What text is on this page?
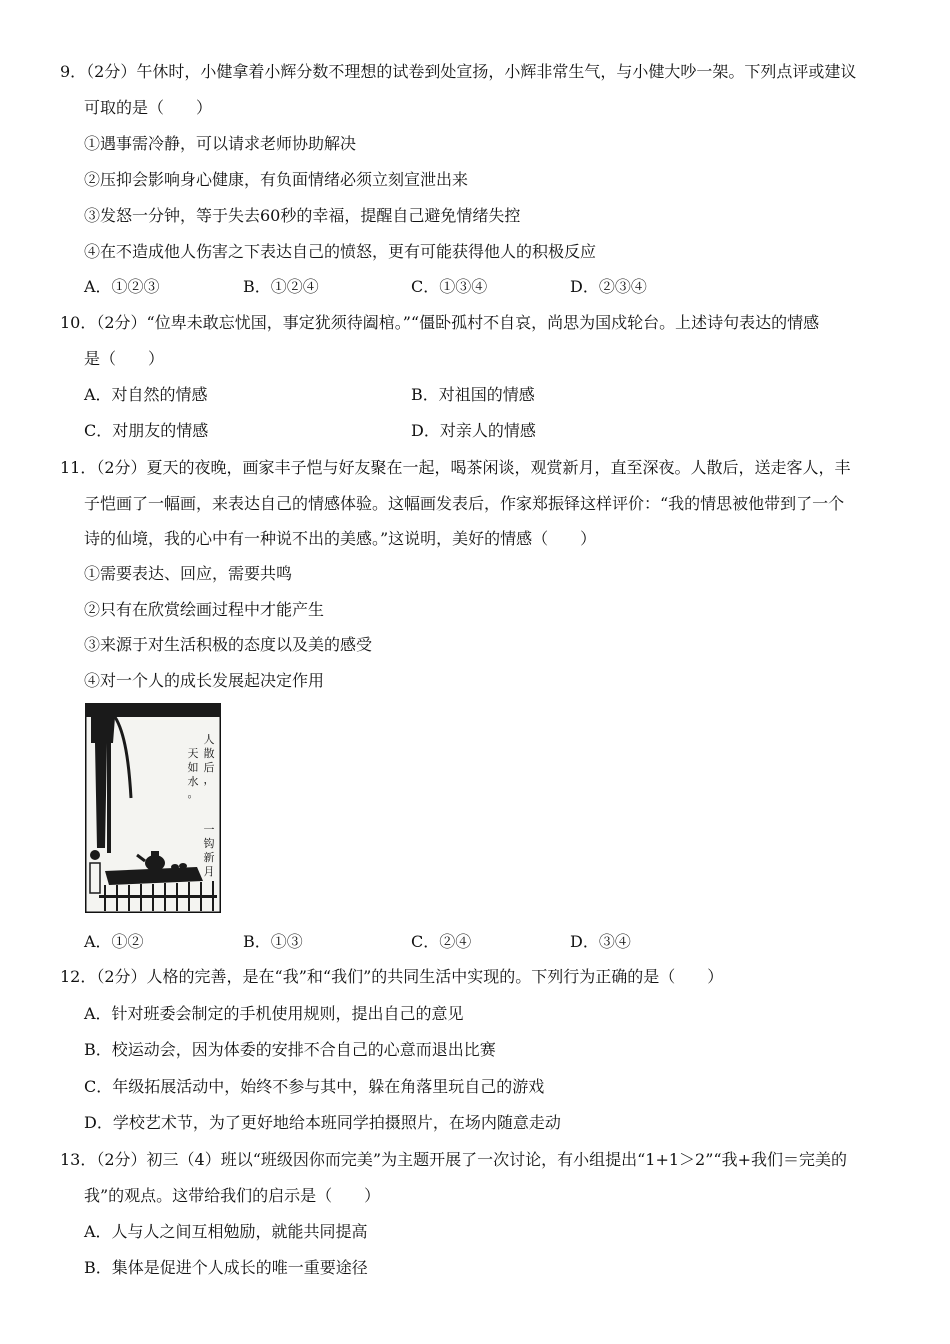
9．（2分）午休时，小健拿着小辉分数不理想的试卷到处宣扬，小辉非常生气，与小健大吵一架。下列点评或建议
可取的是（　　）
①遇事需冷静，可以请求老师协助解决
②压抑会影响身心健康，有负面情绪必须立刻宣泄出来
③发怒一分钟，等于失去60秒的幸福，提醒自己避免情绪失控
④在不造成他人伤害之下表达自己的愤怒，更有可能获得他人的积极反应
A．①②③	B．①②④	C．①③④	D．②③④
10．（2分）“位卑未敢忘忧国，事定犹须待阖棺。”“僵卧孤村不自哀，尚思为国戍轮台。上述诗句表达的情感
是（　　）
A．对自然的情感	B．对祖国的情感
C．对朋友的情感	D．对亲人的情感
11．（2分）夏天的夜晚，画家丰子恺与好友聚在一起，喝茶闲谈，观赏新月，直至深夜。人散后，送走客人，丰
子恺画了一幅画，来表达自己的情感体验。这幅画发表后，作家郑振铎这样评价：“我的情思被他带到了一个
诗的仙境，我的心中有一种说不出的美感。”这说明，美好的情感（　　）
①需要表达、回应，需要共鸣
②只有在欣赏绘画过程中才能产生
③来源于对生活积极的态度以及美的感受
④对一个人的成长发展起决定作用
人
散
后
，
一
钩
新
月
天
如
水
。
A．①②	B．①③	C．②④	D．③④
12．（2分）人格的完善，是在“我”和“我们”的共同生活中实现的。下列行为正确的是（　　）
A．针对班委会制定的手机使用规则，提出自己的意见
B．校运动会，因为体委的安排不合自己的心意而退出比赛
C．年级拓展活动中，始终不参与其中，躲在角落里玩自己的游戏
D．学校艺术节，为了更好地给本班同学拍摄照片，在场内随意走动
13．（2分）初三（4）班以“班级因你而完美”为主题开展了一次讨论，有小组提出“1+1＞2”“我+我们＝完美的
我”的观点。这带给我们的启示是（　　）
A．人与人之间互相勉励，就能共同提高
B．集体是促进个人成长的唯一重要途径
